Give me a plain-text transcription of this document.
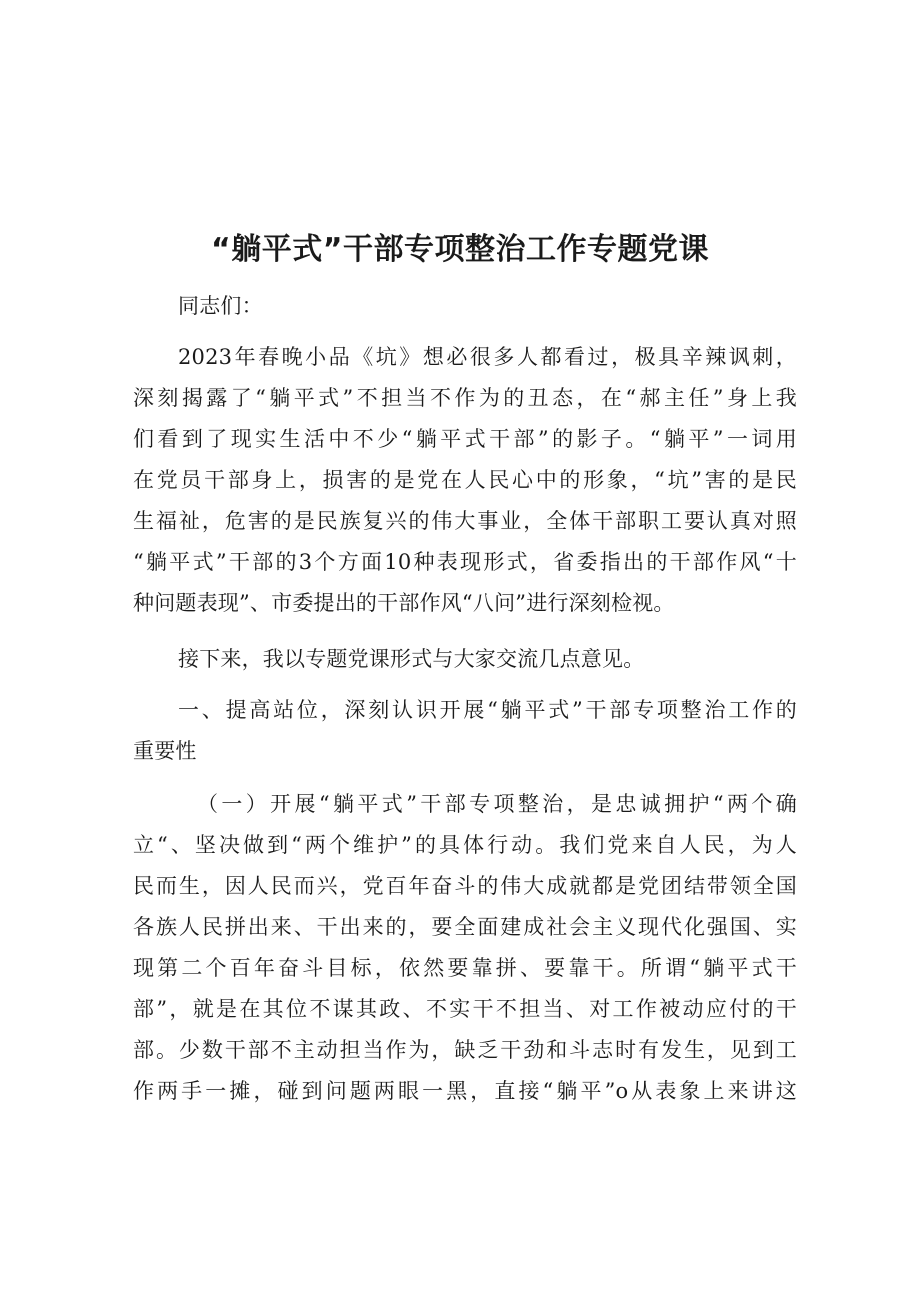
“躺平式”干部专项整治工作专题党课
同志们：
2023年春晚小品《坑》想必很多人都看过，极具辛辣讽刺，
深刻揭露了“躺平式”不担当不作为的丑态，在“郝主任”身上我
们看到了现实生活中不少“躺平式干部”的影子。“躺平”一词用
在党员干部身上，损害的是党在人民心中的形象，“坑”害的是民
生福祉，危害的是民族复兴的伟大事业，全体干部职工要认真对照
“躺平式”干部的3个方面10种表现形式，省委指出的干部作风“十
种问题表现”、市委提出的干部作风“八问”进行深刻检视。
接下来，我以专题党课形式与大家交流几点意见。
一、提高站位，深刻认识开展“躺平式”干部专项整治工作的
重要性
（一）开展“躺平式”干部专项整治，是忠诚拥护“两个确
立“、坚决做到“两个维护”的具体行动。我们党来自人民，为人
民而生，因人民而兴，党百年奋斗的伟大成就都是党团结带领全国
各族人民拼出来、干出来的，要全面建成社会主义现代化强国、实
现第二个百年奋斗目标，依然要靠拼、要靠干。所谓“躺平式干
部”，就是在其位不谋其政、不实干不担当、对工作被动应付的干
部。少数干部不主动担当作为，缺乏干劲和斗志时有发生，见到工
作两手一摊，碰到问题两眼一黑，直接“躺平”o从表象上来讲这
